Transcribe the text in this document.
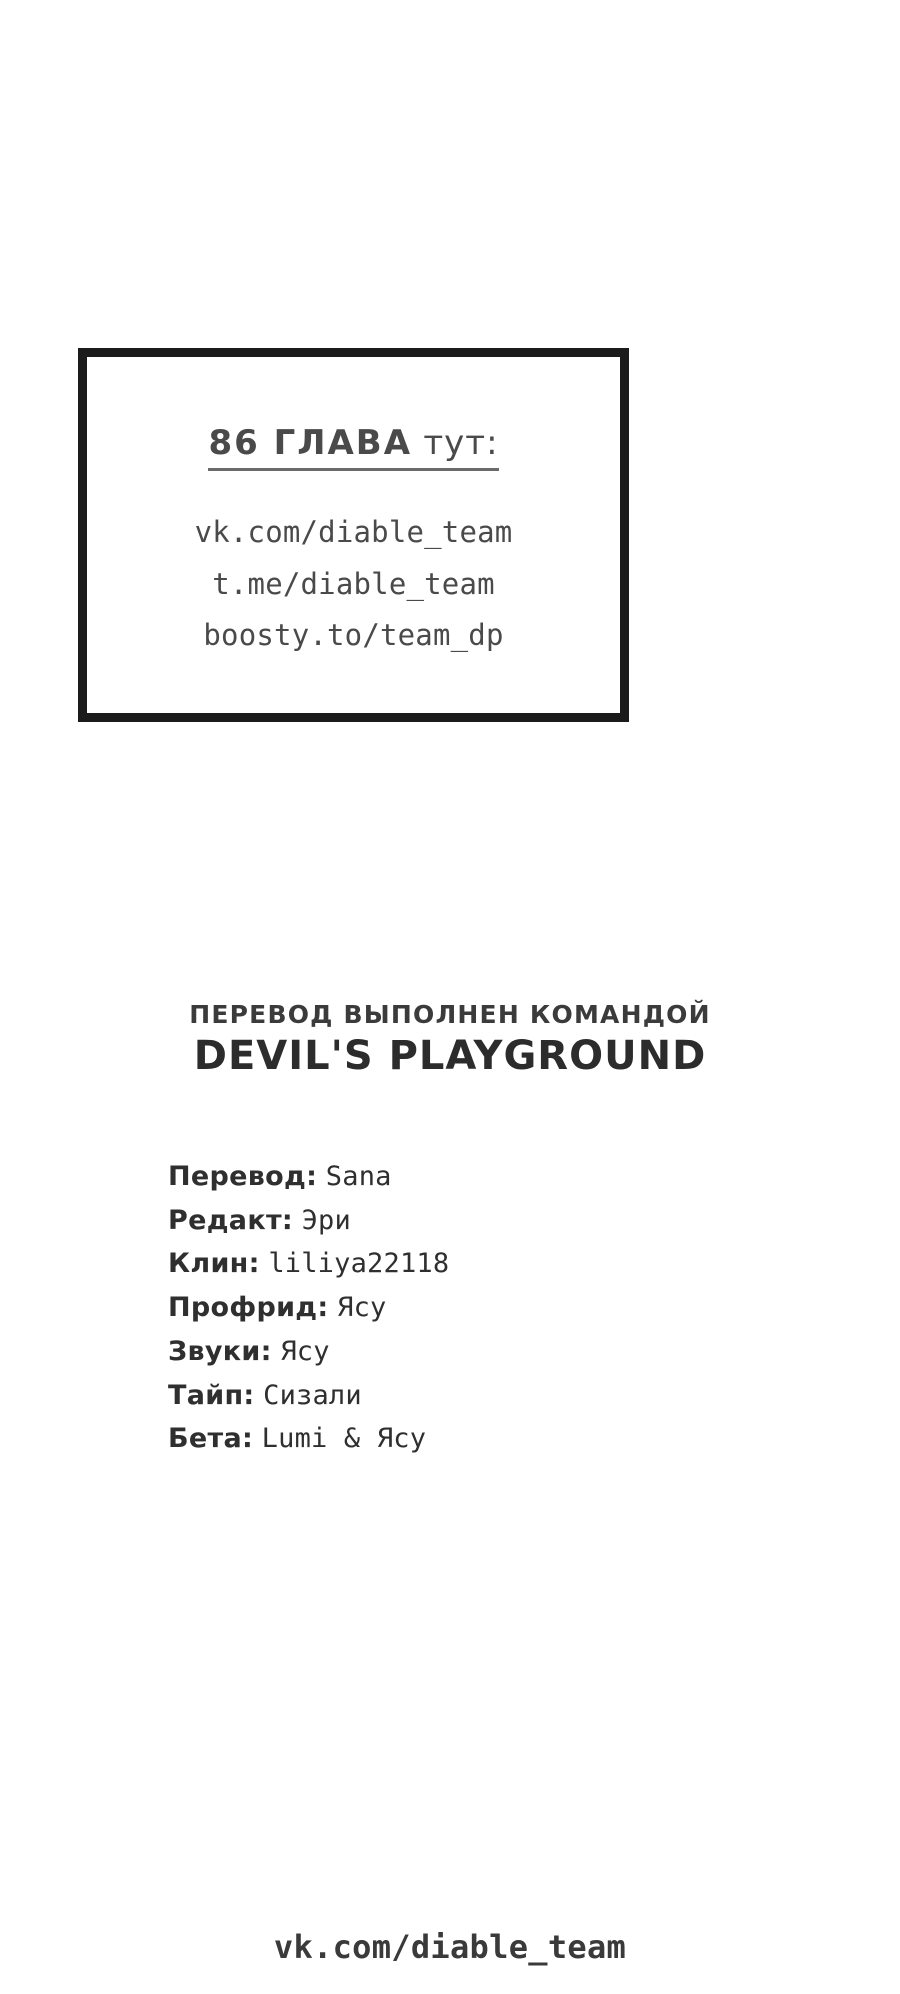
86 ГЛАВА тут:
vk.com/diable_team
t.me/diable_team
boosty.to/team_dp
ПЕРЕВОД ВЫПОЛНЕН КОМАНДОЙ
DEVIL'S PLAYGROUND
Перевод: Sana
Редакт: Эри
Клин: liliya22118
Профрид: Ясу
Звуки: Ясу
Тайп: Сизали
Бета: Lumi & Ясу
vk.com/diable_team
